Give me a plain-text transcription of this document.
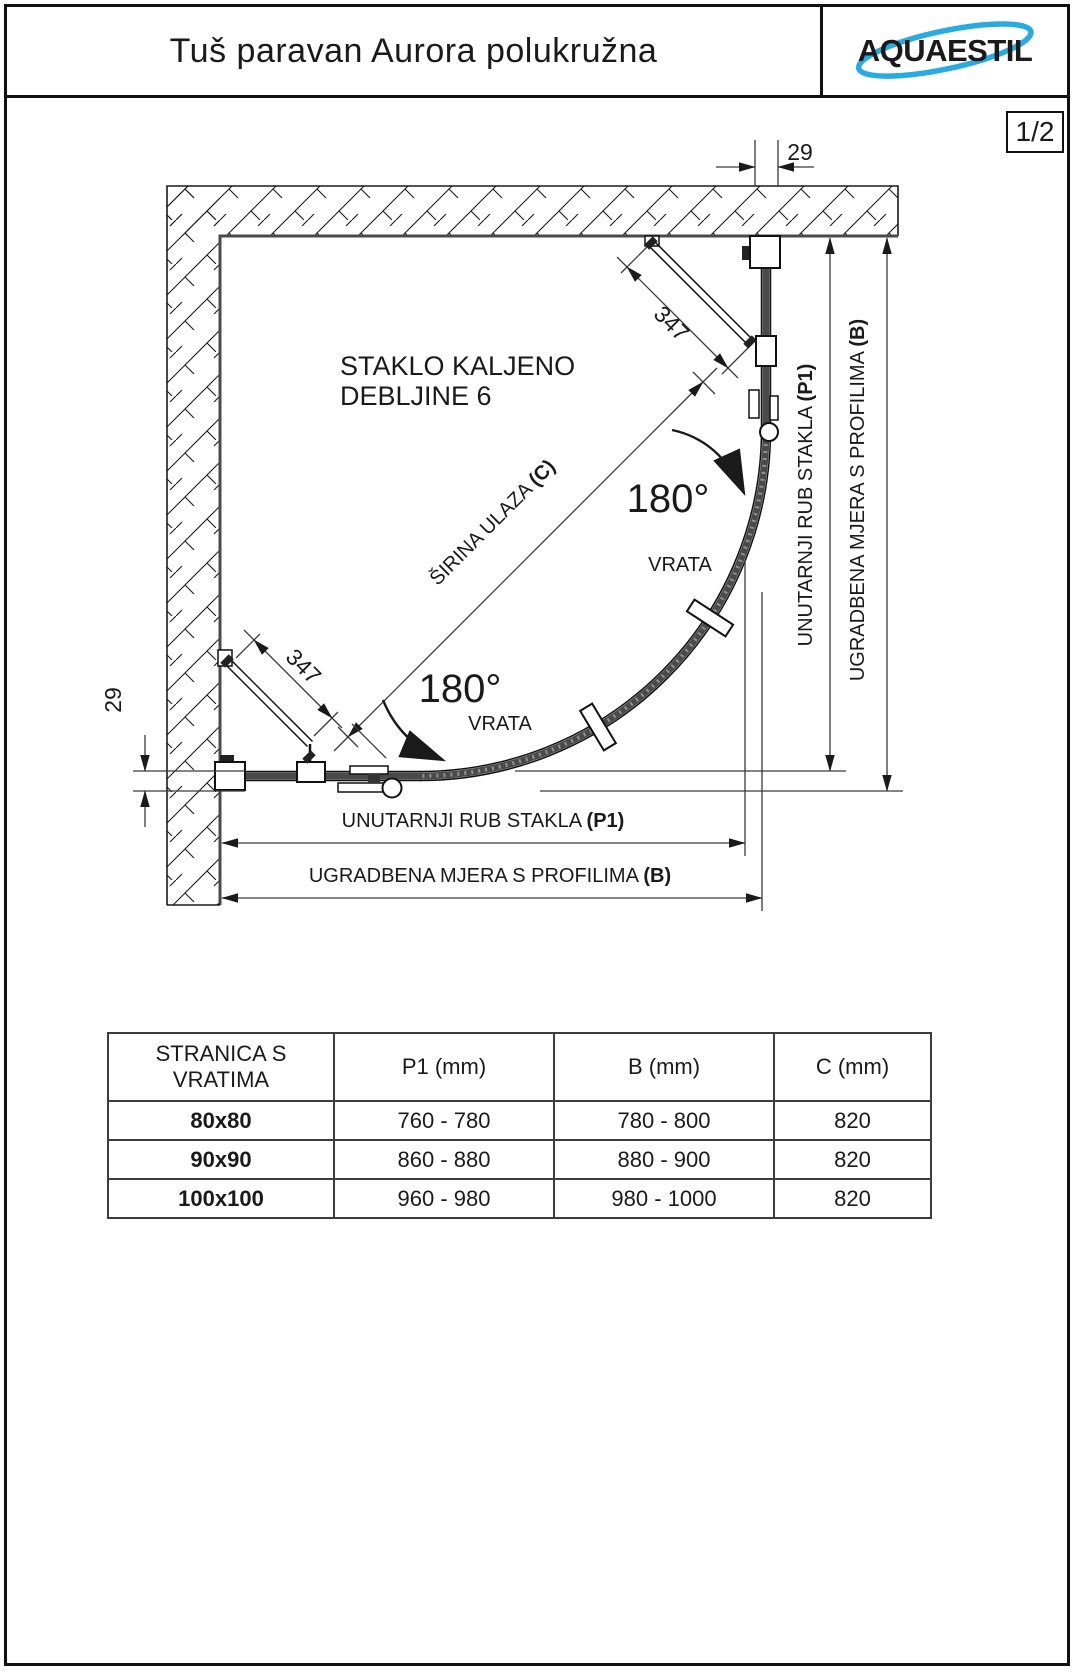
Tuš paravan Aurora polukružna	AQUAESTIL
1/2
STAKLO KALJENO
DEBLJINE 6
ŠIRINA ULAZA (C)
180°
180°
VRATA
VRATA
347
347
29
29
UNUTARNJI RUB STAKLA (P1) UGRADBENA MJERA S PROFILIMA (B)
UNUTARNJI RUB STAKLA (P1)
UGRADBENA MJERA S PROFILIMA (B)
STRANICA S VRATIMA	P1 (mm)	B (mm)	C (mm)
80x80	760 - 780	780 - 800	820
90x90	860 - 880	880 - 900	820
100x100	960 - 980	980 - 1000	820
